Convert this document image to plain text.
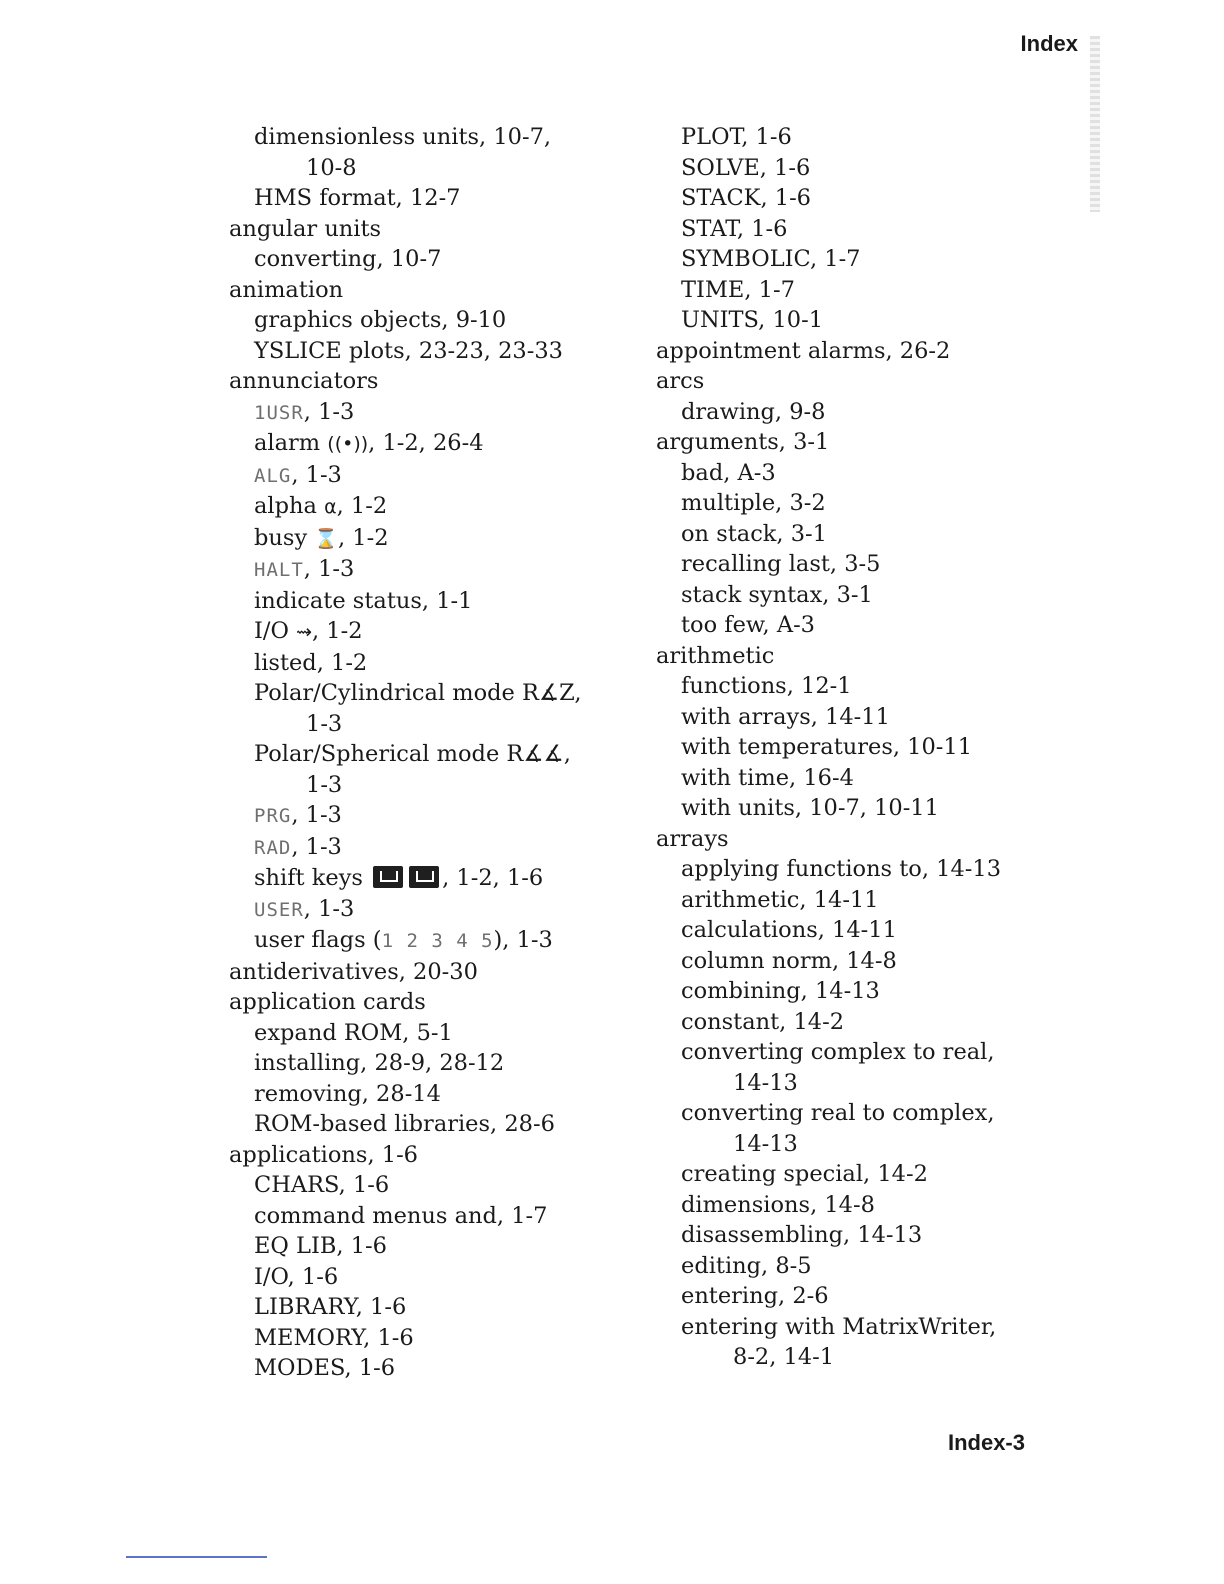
Index
dimensionless units, 10-7,
10-8
HMS format, 12-7
angular units
converting, 10-7
animation
graphics objects, 9-10
YSLICE plots, 23-23, 23-33
annunciators
1USR, 1-3
alarm ((•)), 1-2, 26-4
ALG, 1-3
alpha α, 1-2
busy ⌛, 1-2
HALT, 1-3
indicate status, 1-1
I/O ⇝, 1-2
listed, 1-2
Polar/Cylindrical mode R∡Z,
1-3
Polar/Spherical mode R∡∡,
1-3
PRG, 1-3
RAD, 1-3
shift keys	, 1-2, 1-6
USER, 1-3
user flags (1 2 3 4 5), 1-3
antiderivatives, 20-30
application cards
expand ROM, 5-1
installing, 28-9, 28-12
removing, 28-14
ROM-based libraries, 28-6
applications, 1-6
CHARS, 1-6
command menus and, 1-7
EQ LIB, 1-6
I/O, 1-6
LIBRARY, 1-6
MEMORY, 1-6
MODES, 1-6
PLOT, 1-6
SOLVE, 1-6
STACK, 1-6
STAT, 1-6
SYMBOLIC, 1-7
TIME, 1-7
UNITS, 10-1
appointment alarms, 26-2
arcs
drawing, 9-8
arguments, 3-1
bad, A-3
multiple, 3-2
on stack, 3-1
recalling last, 3-5
stack syntax, 3-1
too few, A-3
arithmetic
functions, 12-1
with arrays, 14-11
with temperatures, 10-11
with time, 16-4
with units, 10-7, 10-11
arrays
applying functions to, 14-13
arithmetic, 14-11
calculations, 14-11
column norm, 14-8
combining, 14-13
constant, 14-2
converting complex to real,
14-13
converting real to complex,
14-13
creating special, 14-2
dimensions, 14-8
disassembling, 14-13
editing, 8-5
entering, 2-6
entering with MatrixWriter,
8-2, 14-1
Index-3
